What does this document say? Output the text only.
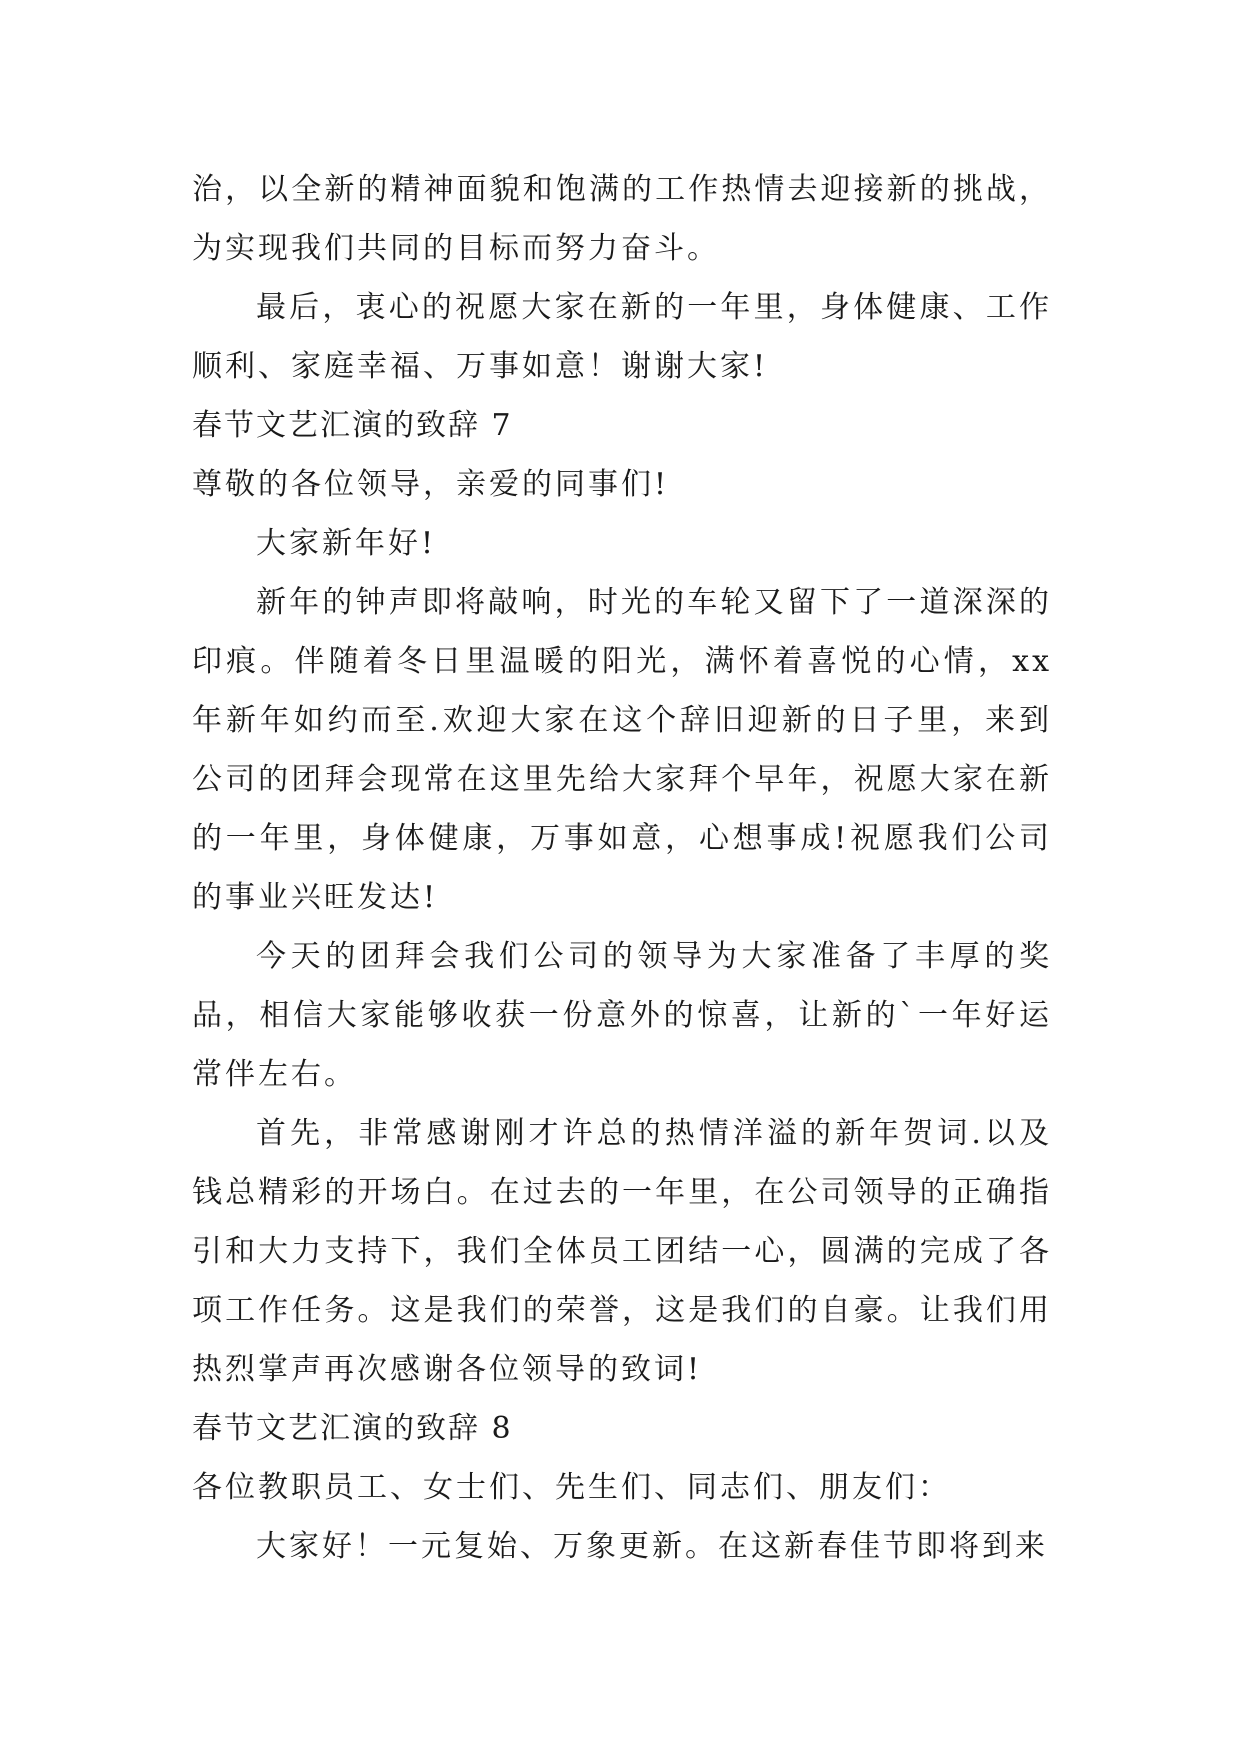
治，以全新的精神面貌和饱满的工作热情去迎接新的挑战，为实现我们共同的目标而努力奋斗。

最后，衷心的祝愿大家在新的一年里，身体健康、工作顺利、家庭幸福、万事如意！谢谢大家!

春节文艺汇演的致辞 7

尊敬的各位领导，亲爱的同事们!

大家新年好!

新年的钟声即将敲响，时光的车轮又留下了一道深深的印痕。伴随着冬日里温暖的阳光，满怀着喜悦的心情，xx 年新年如约而至.欢迎大家在这个辞旧迎新的日子里，来到公司的团拜会现常在这里先给大家拜个早年，祝愿大家在新的一年里，身体健康，万事如意，心想事成!祝愿我们公司的事业兴旺发达!

今天的团拜会我们公司的领导为大家准备了丰厚的奖品，相信大家能够收获一份意外的惊喜，让新的`一年好运常伴左右。

首先，非常感谢刚才许总的热情洋溢的新年贺词.以及钱总精彩的开场白。在过去的一年里，在公司领导的正确指引和大力支持下，我们全体员工团结一心，圆满的完成了各项工作任务。这是我们的荣誉，这是我们的自豪。让我们用热烈掌声再次感谢各位领导的致词!

春节文艺汇演的致辞 8

各位教职员工、女士们、先生们、同志们、朋友们：

大家好！一元复始、万象更新。在这新春佳节即将到来
